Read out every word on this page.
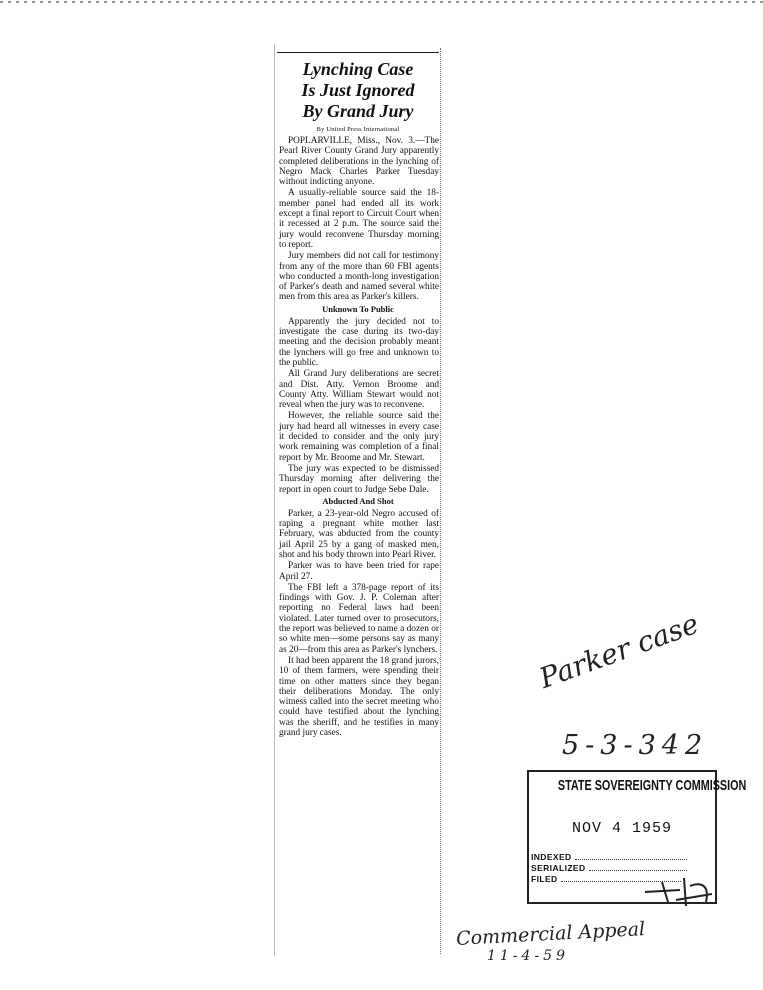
Lynching Case
Is Just Ignored
By Grand Jury
By United Press International

POPLARVILLE, Miss., Nov. 3.—The Pearl River County Grand Jury apparently completed deliberations in the lynching of Negro Mack Charles Parker Tuesday without indicting anyone.

A usually-reliable source said the 18-member panel had ended all its work except a final report to Circuit Court when it recessed at 2 p.m. The source said the jury would reconvene Thursday morning to report.

Jury members did not call for testimony from any of the more than 60 FBI agents who conducted a month-long investigation of Parker's death and named several white men from this area as Parker's killers.

Unknown To Public

Apparently the jury decided not to investigate the case during its two-day meeting and the decision probably meant the lynchers will go free and unknown to the public.

All Grand Jury deliberations are secret and Dist. Atty. Vernon Broome and County Atty. William Stewart would not reveal when the jury was to reconvene.

However, the reliable source said the jury had heard all witnesses in every case it decided to consider and the only jury work remaining was completion of a final report by Mr. Broome and Mr. Stewart.

The jury was expected to be dismissed Thursday morning after delivering the report in open court to Judge Sebe Dale.

Abducted And Shot

Parker, a 23-year-old Negro accused of raping a pregnant white mother last February, was abducted from the county jail April 25 by a gang of masked men, shot and his body thrown into Pearl River.

Parker was to have been tried for rape April 27.

The FBI left a 378-page report of its findings with Gov. J. P. Coleman after reporting no Federal laws had been violated. Later turned over to prosecutors, the report was believed to name a dozen or so white men—some persons say as many as 20—from this area as Parker's lynchers.

It had been apparent the 18 grand jurors, 10 of them farmers, were spending their time on other matters since they began their deliberations Monday. The only witness called into the secret meeting who could have testified about the lynching was the sheriff, and he testifies in many grand jury cases.

Parker case
5-3-342
STATE SOVEREIGNTY COMMISSION
NOV 4 1959
INDEXED
SERIALIZED
FILED
Commercial Appeal
11-4-59
